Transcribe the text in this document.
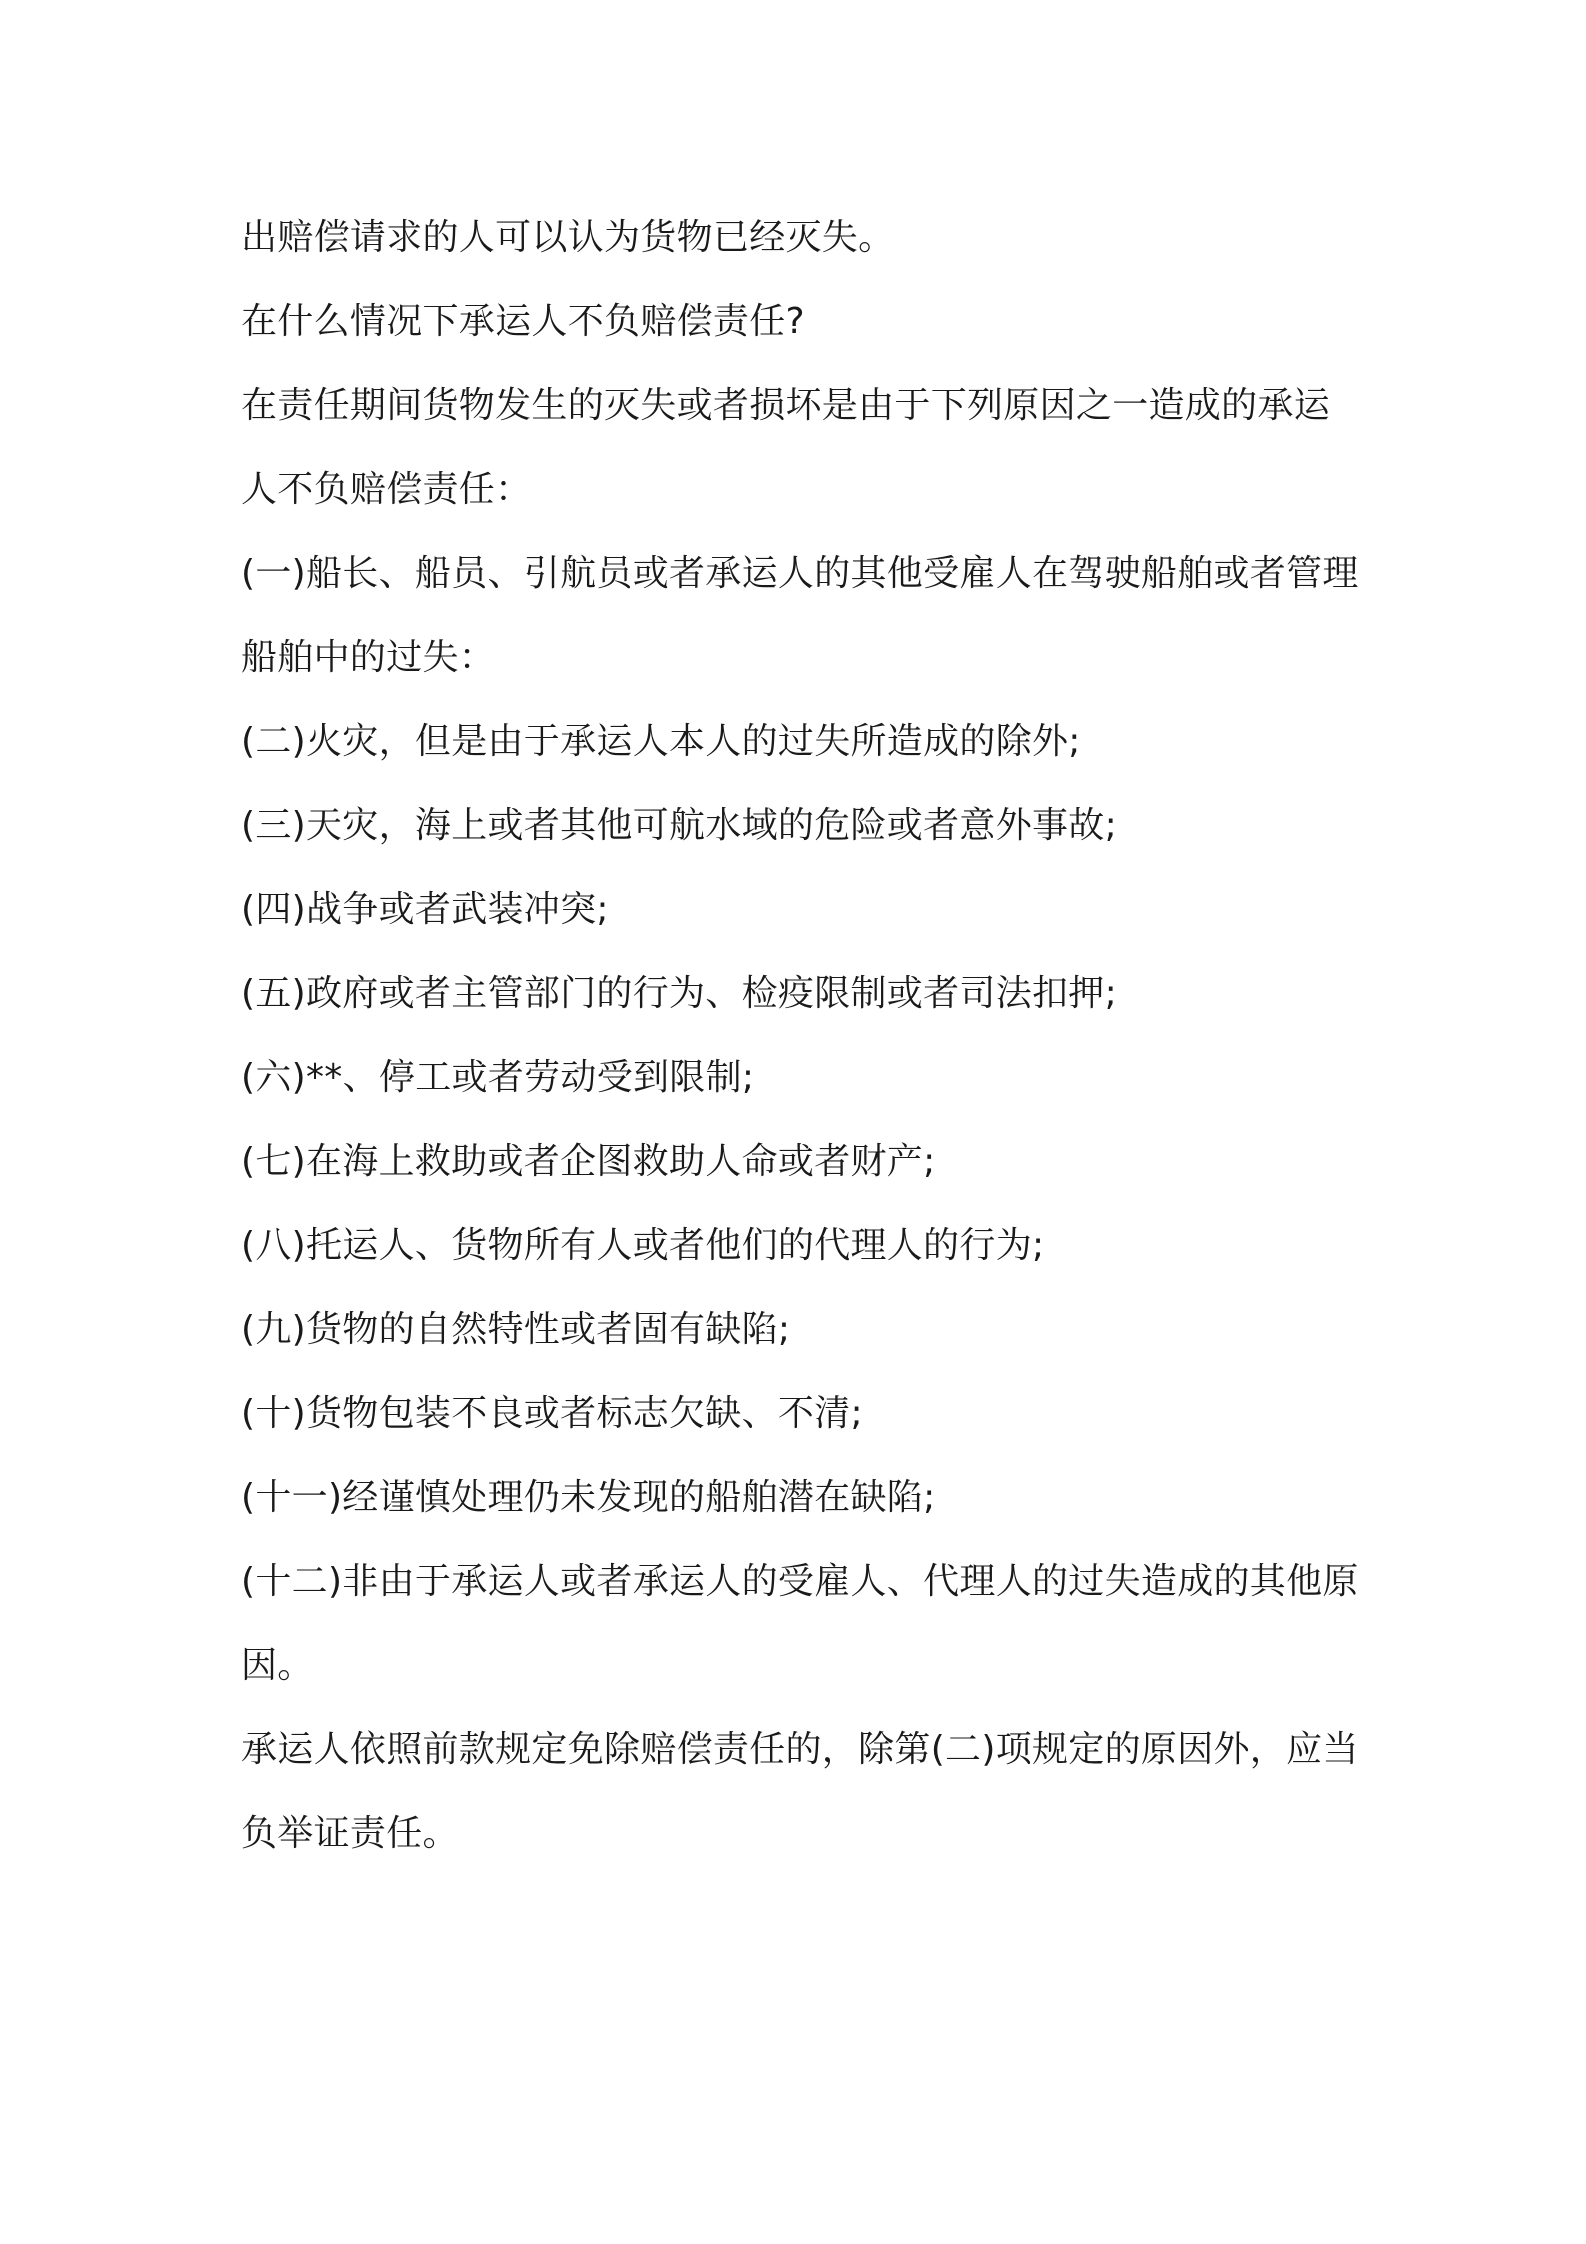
出赔偿请求的人可以认为货物已经灭失。

在什么情况下承运人不负赔偿责任?

在责任期间货物发生的灭失或者损坏是由于下列原因之一造成的承运人不负赔偿责任：

(一)船长、船员、引航员或者承运人的其他受雇人在驾驶船舶或者管理船舶中的过失：

(二)火灾，但是由于承运人本人的过失所造成的除外;

(三)天灾，海上或者其他可航水域的危险或者意外事故;

(四)战争或者武装冲突;

(五)政府或者主管部门的行为、检疫限制或者司法扣押;

(六)**、停工或者劳动受到限制;

(七)在海上救助或者企图救助人命或者财产;

(八)托运人、货物所有人或者他们的代理人的行为;

(九)货物的自然特性或者固有缺陷;

(十)货物包装不良或者标志欠缺、不清;

(十一)经谨慎处理仍未发现的船舶潜在缺陷;

(十二)非由于承运人或者承运人的受雇人、代理人的过失造成的其他原因。

承运人依照前款规定免除赔偿责任的，除第(二)项规定的原因外，应当负举证责任。
